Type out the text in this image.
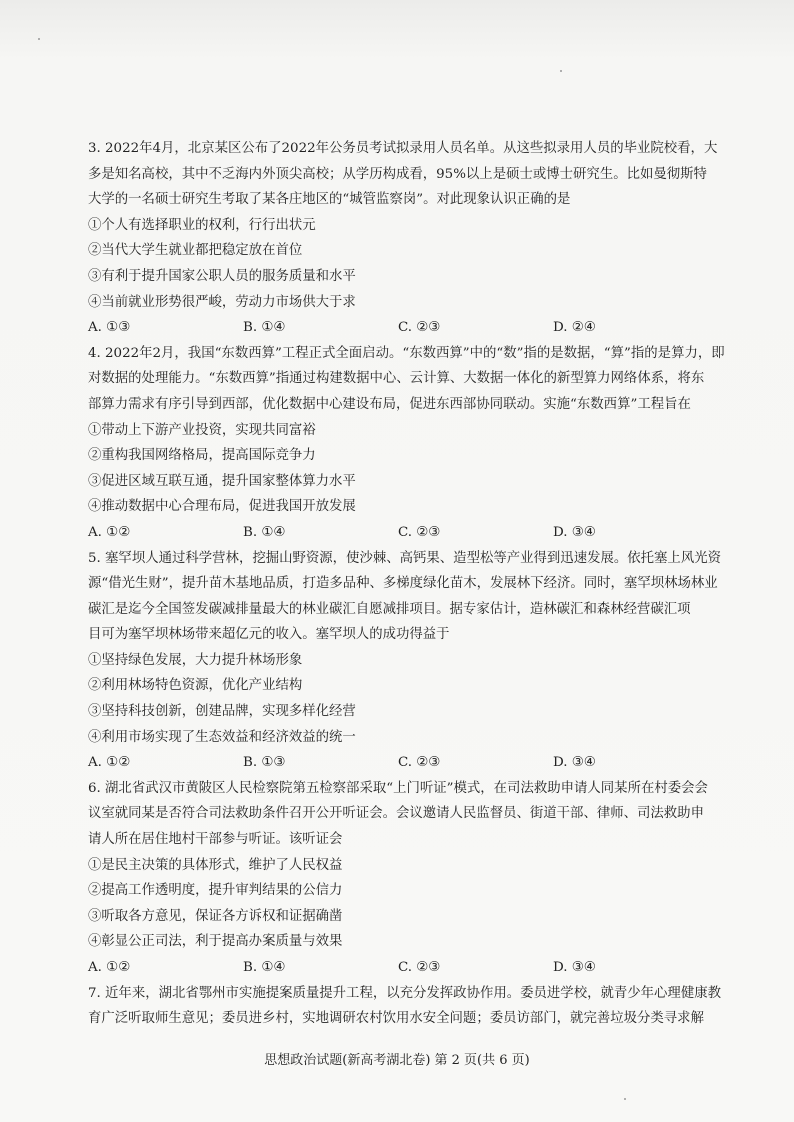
3. 2022年4月，北京某区公布了2022年公务员考试拟录用人员名单。从这些拟录用人员的毕业院校看，大
多是知名高校，其中不乏海内外顶尖高校；从学历构成看，95%以上是硕士或博士研究生。比如曼彻斯特
大学的一名硕士研究生考取了某各庄地区的“城管监察岗”。对此现象认识正确的是
①个人有选择职业的权利，行行出状元
②当代大学生就业都把稳定放在首位
③有利于提升国家公职人员的服务质量和水平
④当前就业形势很严峻，劳动力市场供大于求
A. ①③	B. ①④	C. ②③	D. ②④
4. 2022年2月，我国“东数西算”工程正式全面启动。“东数西算”中的“数”指的是数据，“算”指的是算力，即
对数据的处理能力。“东数西算”指通过构建数据中心、云计算、大数据一体化的新型算力网络体系，将东
部算力需求有序引导到西部，优化数据中心建设布局，促进东西部协同联动。实施“东数西算”工程旨在
①带动上下游产业投资，实现共同富裕
②重构我国网络格局，提高国际竞争力
③促进区域互联互通，提升国家整体算力水平
④推动数据中心合理布局，促进我国开放发展
A. ①②	B. ①④	C. ②③	D. ③④
5. 塞罕坝人通过科学营林，挖掘山野资源，使沙棘、高钙果、造型松等产业得到迅速发展。依托塞上风光资
源“借光生财”，提升苗木基地品质，打造多品种、多梯度绿化苗木，发展林下经济。同时，塞罕坝林场林业
碳汇是迄今全国签发碳减排量最大的林业碳汇自愿减排项目。据专家估计，造林碳汇和森林经营碳汇项
目可为塞罕坝林场带来超亿元的收入。塞罕坝人的成功得益于
①坚持绿色发展，大力提升林场形象
②利用林场特色资源，优化产业结构
③坚持科技创新，创建品牌，实现多样化经营
④利用市场实现了生态效益和经济效益的统一
A. ①②	B. ①③	C. ②③	D. ③④
6. 湖北省武汉市黄陂区人民检察院第五检察部采取“上门听证”模式，在司法救助申请人同某所在村委会会
议室就同某是否符合司法救助条件召开公开听证会。会议邀请人民监督员、街道干部、律师、司法救助申
请人所在居住地村干部参与听证。该听证会
①是民主决策的具体形式，维护了人民权益
②提高工作透明度，提升审判结果的公信力
③听取各方意见，保证各方诉权和证据确凿
④彰显公正司法，利于提高办案质量与效果
A. ①②	B. ①④	C. ②③	D. ③④
7. 近年来，湖北省鄂州市实施提案质量提升工程，以充分发挥政协作用。委员进学校，就青少年心理健康教
育广泛听取师生意见；委员进乡村，实地调研农村饮用水安全问题；委员访部门，就完善垃圾分类寻求解
思想政治试题(新高考湖北卷) 第 2 页(共 6 页)
